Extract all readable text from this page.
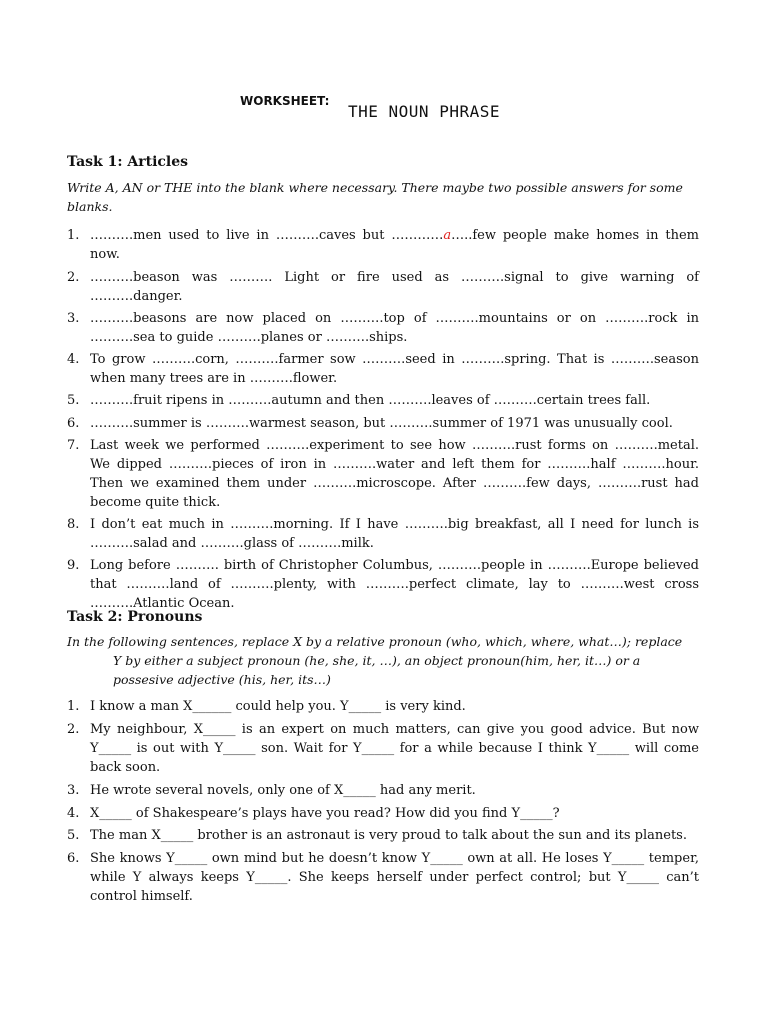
WORKSHEET:
THE NOUN PHRASE
Task 1: Articles
Write A, AN or THE into the blank where necessary. There maybe two possible answers for some blanks.
1. ……….men used to live in ……….caves but …………a…..few people make homes in them now.
2. ……….beason was ………. Light or fire used as ……….signal to give warning of ……….danger.
3. ……….beasons are now placed on ……….top of ……….mountains or on ……….rock in ……….sea to guide ……….planes or ……….ships.
4. To grow ……….corn, ……….farmer sow ……….seed in ……….spring. That is ……….season when many trees are in ……….flower.
5. ……….fruit ripens in ……….autumn and then ……….leaves of ……….certain trees fall.
6. ……….summer is ……….warmest season, but ……….summer of 1971 was unusually cool.
7. Last week we performed ……….experiment to see how ……….rust forms on ……….metal. We dipped ……….pieces of iron in ……….water and left them for ……….half ……….hour. Then we examined them under ……….microscope. After ……….few days, ……….rust had become quite thick.
8. I don’t eat much in ……….morning. If I have ……….big breakfast, all I need for lunch is ……….salad and ……….glass of ……….milk.
9. Long before ………. birth of Christopher Columbus, ……….people in ……….Europe believed that ……….land of ……….plenty, with ……….perfect climate, lay to ……….west cross ……….Atlantic Ocean.
Task 2: Pronouns
In the following sentences, replace X by a relative pronoun (who, which, where, what…); replace
Y by either a subject pronoun (he, she, it, …), an object pronoun(him, her, it…) or a
possesive adjective (his, her, its…)
1. I know a man X______ could help you. Y_____ is very kind.
2. My neighbour, X_____ is an expert on much matters, can give you good advice. But now Y_____ is out with Y_____ son. Wait for Y_____ for a while because I think Y_____ will come back soon.
3. He wrote several novels, only one of X_____ had any merit.
4. X_____ of Shakespeare’s plays have you read? How did you find Y_____?
5. The man X_____ brother is an astronaut is very proud to talk about the sun and its planets.
6. She knows Y_____ own mind but he doesn’t know Y_____ own at all. He loses Y_____ temper, while Y always keeps Y_____. She keeps herself under perfect control; but Y_____ can’t control himself.
